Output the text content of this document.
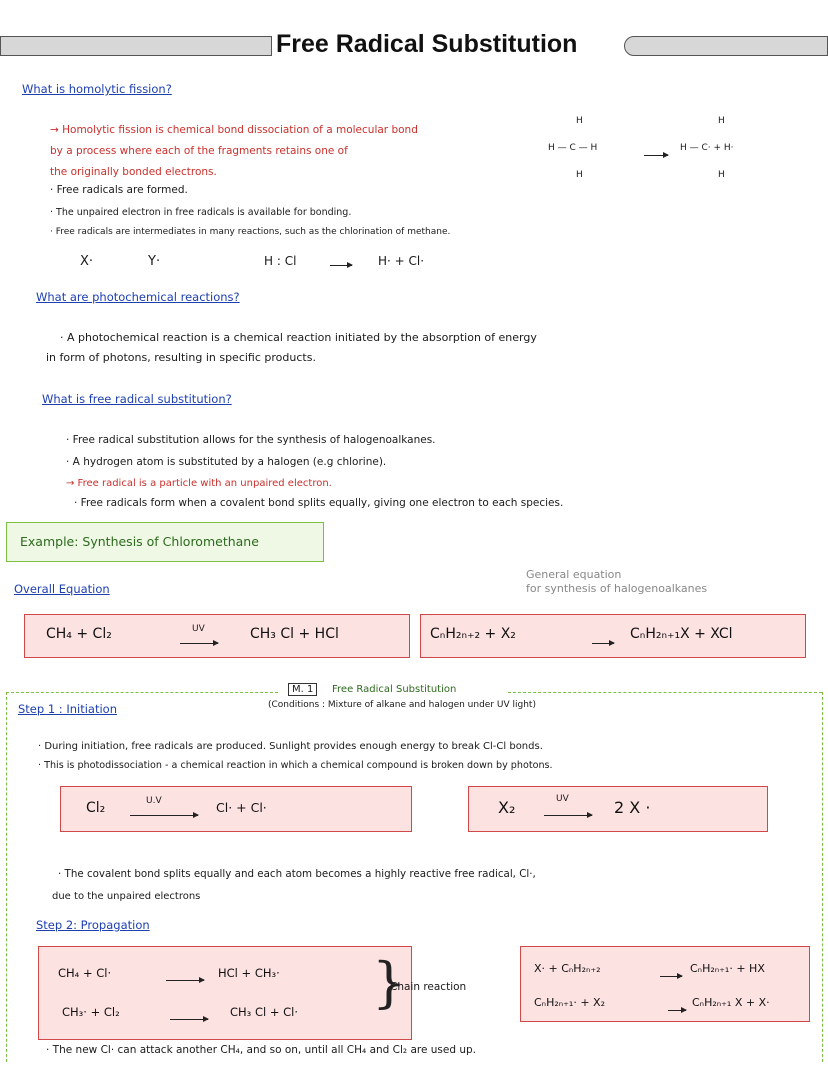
Free Radical Substitution
What is homolytic fission?
→ Homolytic fission is chemical bond dissociation of a molecular bond
by a process where each of the fragments retains one of
the originally bonded electrons.
· Free radicals are formed.
· The unpaired electron in free radicals is available for bonding.
· Free radicals are intermediates in many reactions, such as the chlorination of methane.
H
H — C — H
H
H
H — C· + H·
H
X·	Y·	H : Cl	H· + Cl·
What are photochemical reactions?
· A photochemical reaction is a chemical reaction initiated by the absorption of energy
in form of photons, resulting in specific products.
What is free radical substitution?
· Free radical substitution allows for the synthesis of halogenoalkanes.
· A hydrogen atom is substituted by a halogen (e.g chlorine).
→ Free radical is a particle with an unpaired electron.
· Free radicals form when a covalent bond splits equally, giving one electron to each species.
Example: Synthesis of Chloromethane
Overall Equation
General equation
for synthesis of halogenoalkanes
CH₄ + Cl₂	UV	CH₃ Cl + HCl	CₙH₂ₙ₊₂ + X₂	CₙH₂ₙ₊₁X + XCl
M. 1	Free Radical Substitution
(Conditions : Mixture of alkane and halogen under UV light)
Step 1 : Initiation
· During initiation, free radicals are produced. Sunlight provides enough energy to break Cl-Cl bonds.
· This is photodissociation - a chemical reaction in which a chemical compound is broken down by photons.
Cl₂	U.V	Cl· + Cl·	X₂	UV	2 X ·
· The covalent bond splits equally and each atom becomes a highly reactive free radical, Cl·,
due to the unpaired electrons
Step 2: Propagation
CH₄ + Cl·	HCl + CH₃·
CH₃· + Cl₂	CH₃ Cl + Cl· }
Chain reaction
X· + CₙH₂ₙ₊₂	CₙH₂ₙ₊₁· + HX
CₙH₂ₙ₊₁· + X₂	CₙH₂ₙ₊₁ X + X·
· The new Cl· can attack another CH₄, and so on, until all CH₄ and Cl₂ are used up.
